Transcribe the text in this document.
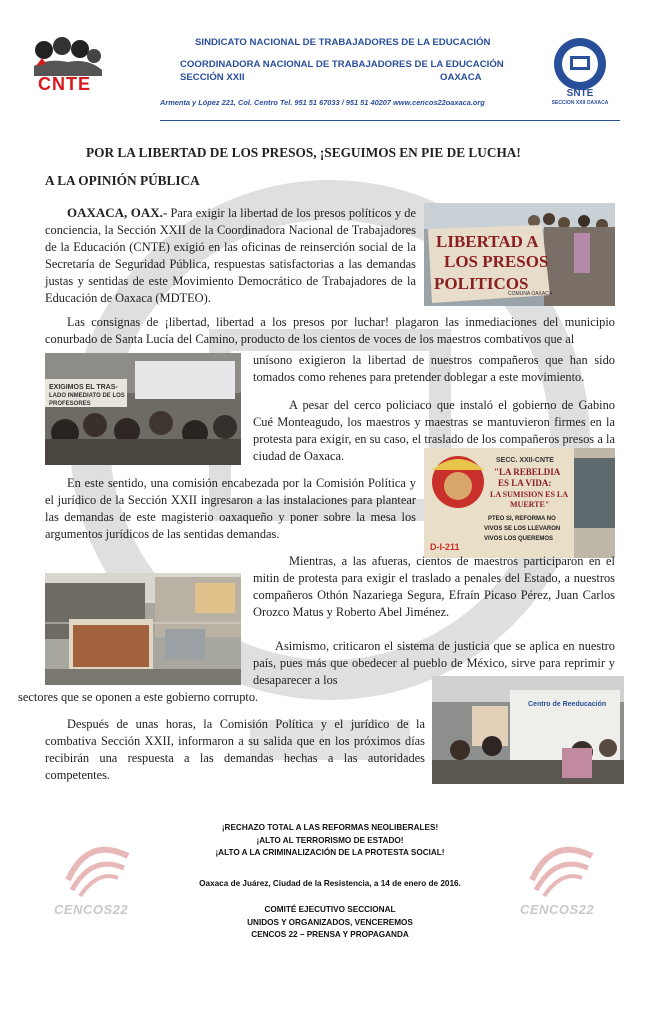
CNTE
SINDICATO NACIONAL DE TRABAJADORES DE LA EDUCACIÓN
COORDINADORA NACIONAL DE TRABAJADORES DE LA EDUCACIÓN
SECCIÓN XXII	OAXACA
Armenta y López 221, Col. Centro Tel. 951 51 67033 / 951 51 40207 www.cencos22oaxaca.org
SNTE
SECCION XXII OAXACA
POR LA LIBERTAD DE LOS PRESOS, ¡SEGUIMOS EN PIE DE LUCHA!
A LA OPINIÓN PÚBLICA
LIBERTAD A
LOS PRESOS
POLITICOS
COMUNA OAXACA

OAXACA, OAX.- Para exigir la libertad de los presos políticos y de conciencia, la Sección XXII de la Coordinadora Nacional de Trabajadores de la Educación (CNTE) exigió en las oficinas de reinserción social de la Secretaría de Seguridad Pública, respuestas satisfactorias a las demandas justas y sentidas de este Movimiento Democrático de Trabajadores de la Educación de Oaxaca (MDTEO).

Las consignas de ¡libertad, libertad a los presos por luchar! plagaron las inmediaciones del municipio conurbado de Santa Lucía del Camino, producto de los cientos de voces de los maestros combativos que al

EXIGIMOS EL TRAS-
LADO INMEDIATO DE LOS
PROFESORES

unísono exigieron la libertad de nuestros compañeros que han sido tomados como rehenes para pretender doblegar a este movimiento.

A pesar del cerco policiaco que instaló el gobierno de Gabino Cué Monteagudo, los maestros y maestras se mantuvieron firmes en la protesta para exigir, en su caso, el traslado de los compañeros presos a la ciudad de Oaxaca.	SECC. XXII-CNTE
"LA REBELDIA
ES LA VIDA:
LA SUMISION ES LA
MUERTE"
PTEO SI, REFORMA NO
VIVOS SE LOS LLEVARON
VIVOS LOS QUEREMOS
D-I-211

En este sentido, una comisión encabezada por la Comisión Política y el jurídico de la Sección XXII ingresaron a las instalaciones para plantear las demandas de este magisterio oaxaqueño y poner sobre la mesa los argumentos jurídicos de las sentidas demandas.

Mientras, a las afueras, cientos de maestros participaron en el mitin de protesta para exigir el traslado a penales del Estado, a nuestros compañeros Othón Nazariega Segura, Efraín Picaso Pérez, Juan Carlos Orozco Matus y Roberto Abel Jiménez.

Asimismo, criticaron el sistema de justicia que se aplica en nuestro país, pues más que obedecer al pueblo de México, sirve para reprimir y desaparecer a los

Centro de Reeducación

sectores que se oponen a este gobierno corrupto.

Después de unas horas, la Comisión Política y el jurídico de la combativa Sección XXII, informaron a su salida que en los próximos días recibirán una respuesta a las demandas hechas a las autoridades competentes.

¡RECHAZO TOTAL A LAS REFORMAS NEOLIBERALES!
¡ALTO AL TERRORISMO DE ESTADO!
¡ALTO A LA CRIMINALIZACIÓN DE LA PROTESTA SOCIAL!
Oaxaca de Juárez, Ciudad de la Resistencia, a 14 de enero de 2016.
COMITÉ EJECUTIVO SECCIONAL
UNIDOS Y ORGANIZADOS, VENCEREMOS
CENCOS 22 – PRENSA Y PROPAGANDA
CENCOS22	CENCOS22
